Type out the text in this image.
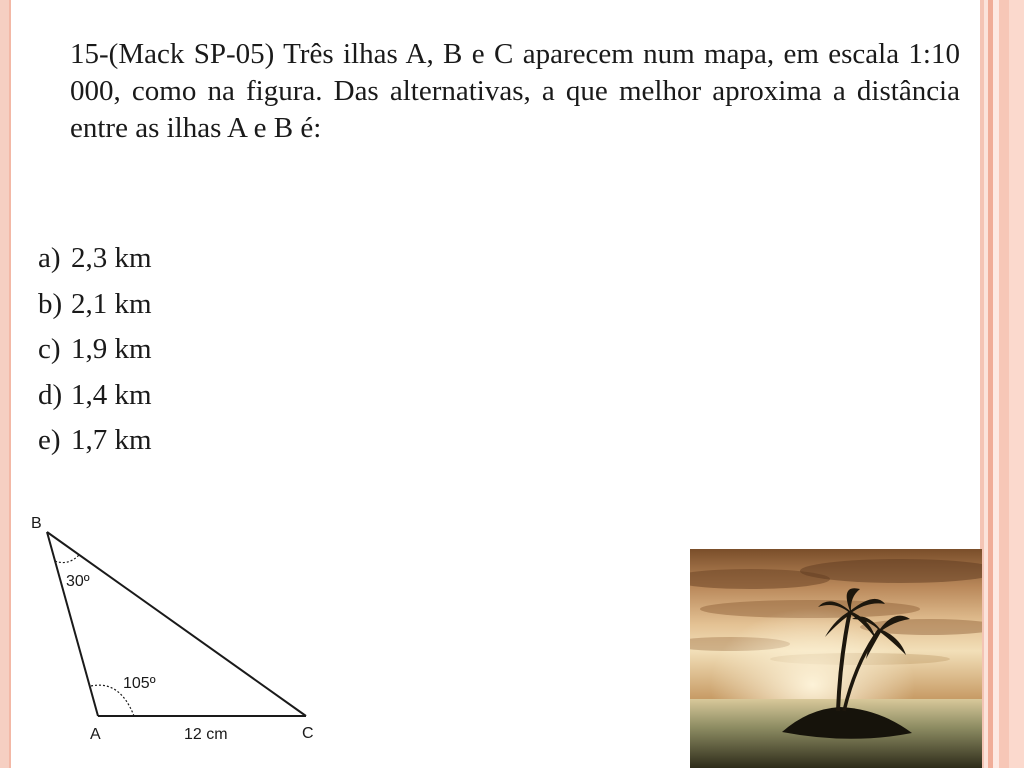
15-(Mack SP-05) Três ilhas A, B e C aparecem num mapa, em escala 1:10 000, como na figura. Das alternativas, a que melhor aproxima a distância entre as ilhas A e B é:
a) 2,3 km
b) 2,1 km
c) 1,9 km
d) 1,4 km
e) 1,7 km
B
30º
105º
A	12 cm	C
